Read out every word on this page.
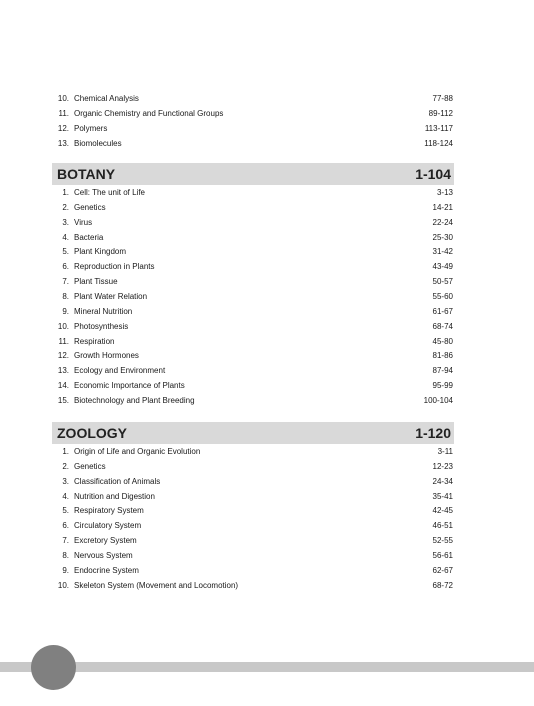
10. Chemical Analysis	77-88
11. Organic Chemistry and Functional Groups	89-112
12. Polymers	113-117
13. Biomolecules	118-124
BOTANY	1-104
1. Cell: The unit of Life	3-13
2. Genetics	14-21
3. Virus	22-24
4. Bacteria	25-30
5. Plant Kingdom	31-42
6. Reproduction in Plants	43-49
7. Plant Tissue	50-57
8. Plant Water Relation	55-60
9. Mineral Nutrition	61-67
10. Photosynthesis	68-74
11. Respiration	45-80
12. Growth Hormones	81-86
13. Ecology and Environment	87-94
14. Economic Importance of Plants	95-99
15. Biotechnology and Plant Breeding	100-104
ZOOLOGY	1-120
1. Origin of Life and Organic Evolution	3-11
2. Genetics	12-23
3. Classification of Animals	24-34
4. Nutrition and Digestion	35-41
5. Respiratory System	42-45
6. Circulatory System	46-51
7. Excretory System	52-55
8. Nervous System	56-61
9. Endocrine System	62-67
10. Skeleton System (Movement and Locomotion)	68-72
